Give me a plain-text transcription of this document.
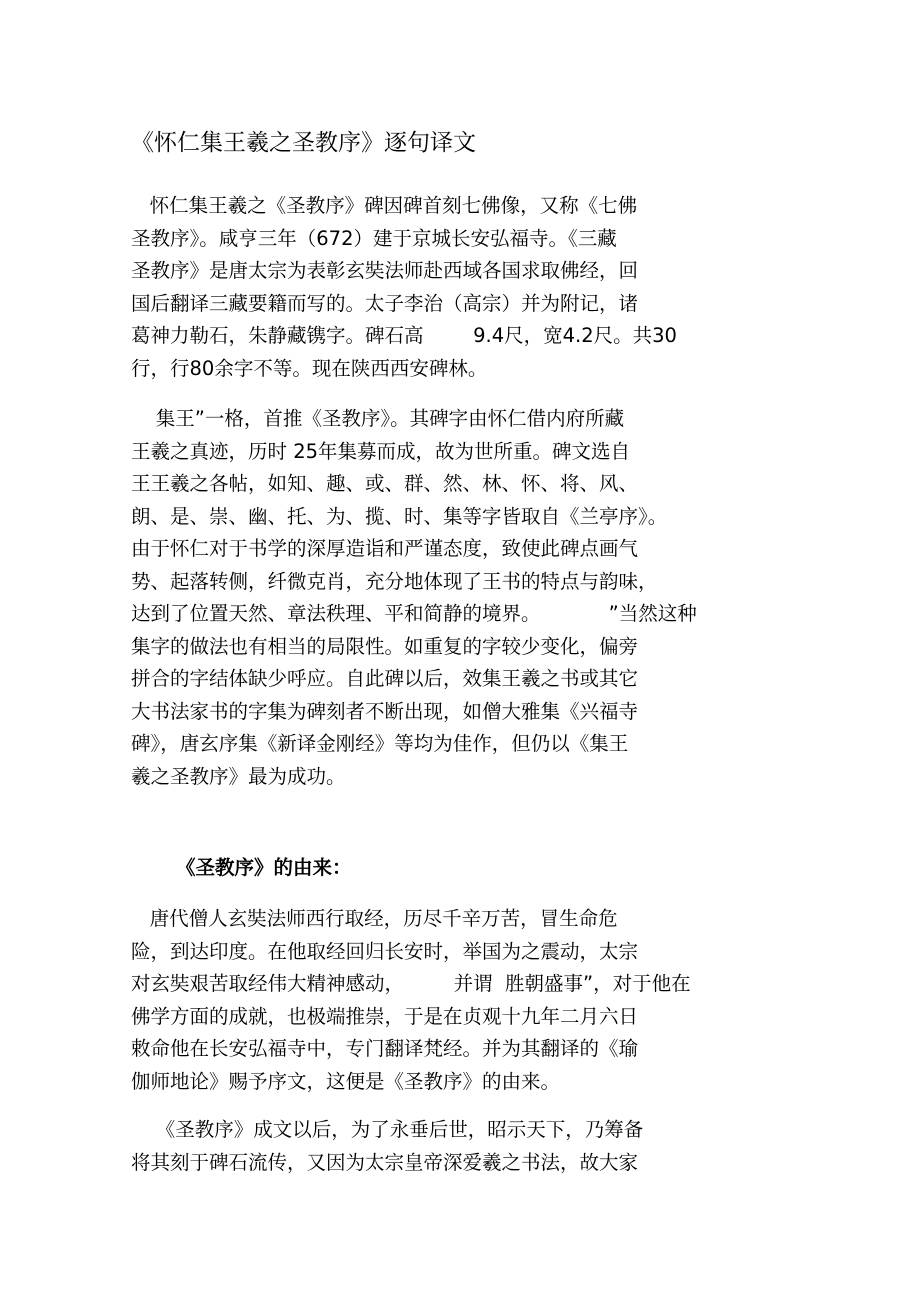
《怀仁集王羲之圣教序》逐句译文
怀仁集王羲之《圣教序》碑因碑首刻七佛像，又称《七佛
圣教序》。咸亨三年（672）建于京城长安弘福寺。《三藏
圣教序》是唐太宗为表彰玄奘法师赴西域各国求取佛经，回
国后翻译三藏要籍而写的。太子李治（高宗）并为附记，诸
葛神力勒石，朱静藏镌字。碑石高        9.4尺，宽4.2尺。共30
行，行80余字不等。现在陕西西安碑林。
集王”一格，首推《圣教序》。其碑字由怀仁借内府所藏
王羲之真迹，历时 25年集募而成，故为世所重。碑文选自
王王羲之各帖，如知、趣、或、群、然、林、怀、将、风、
朗、是、崇、幽、托、为、揽、时、集等字皆取自《兰亭序》。
由于怀仁对于书学的深厚造诣和严谨态度，致使此碑点画气
势、起落转侧，纤微克肖，充分地体现了王书的特点与韵味，
达到了位置天然、章法秩理、平和简静的境界。           ”当然这种
集字的做法也有相当的局限性。如重复的字较少变化，偏旁
拼合的字结体缺少呼应。自此碑以后，效集王羲之书或其它
大书法家书的字集为碑刻者不断出现，如僧大雅集《兴福寺
碑》，唐玄序集《新译金刚经》等均为佳作，但仍以《集王
羲之圣教序》最为成功。
《圣教序》的由来：
唐代僧人玄奘法师西行取经，历尽千辛万苦，冒生命危
险，到达印度。在他取经回归长安时，举国为之震动，太宗
对玄奘艰苦取经伟大精神感动，        并谓  胜朝盛事”，对于他在
佛学方面的成就，也极端推崇，于是在贞观十九年二月六日
敕命他在长安弘福寺中，专门翻译梵经。并为其翻译的《瑜
伽师地论》赐予序文，这便是《圣教序》的由来。
《圣教序》成文以后，为了永垂后世，昭示天下，乃筹备
将其刻于碑石流传，又因为太宗皇帝深爱羲之书法，故大家
